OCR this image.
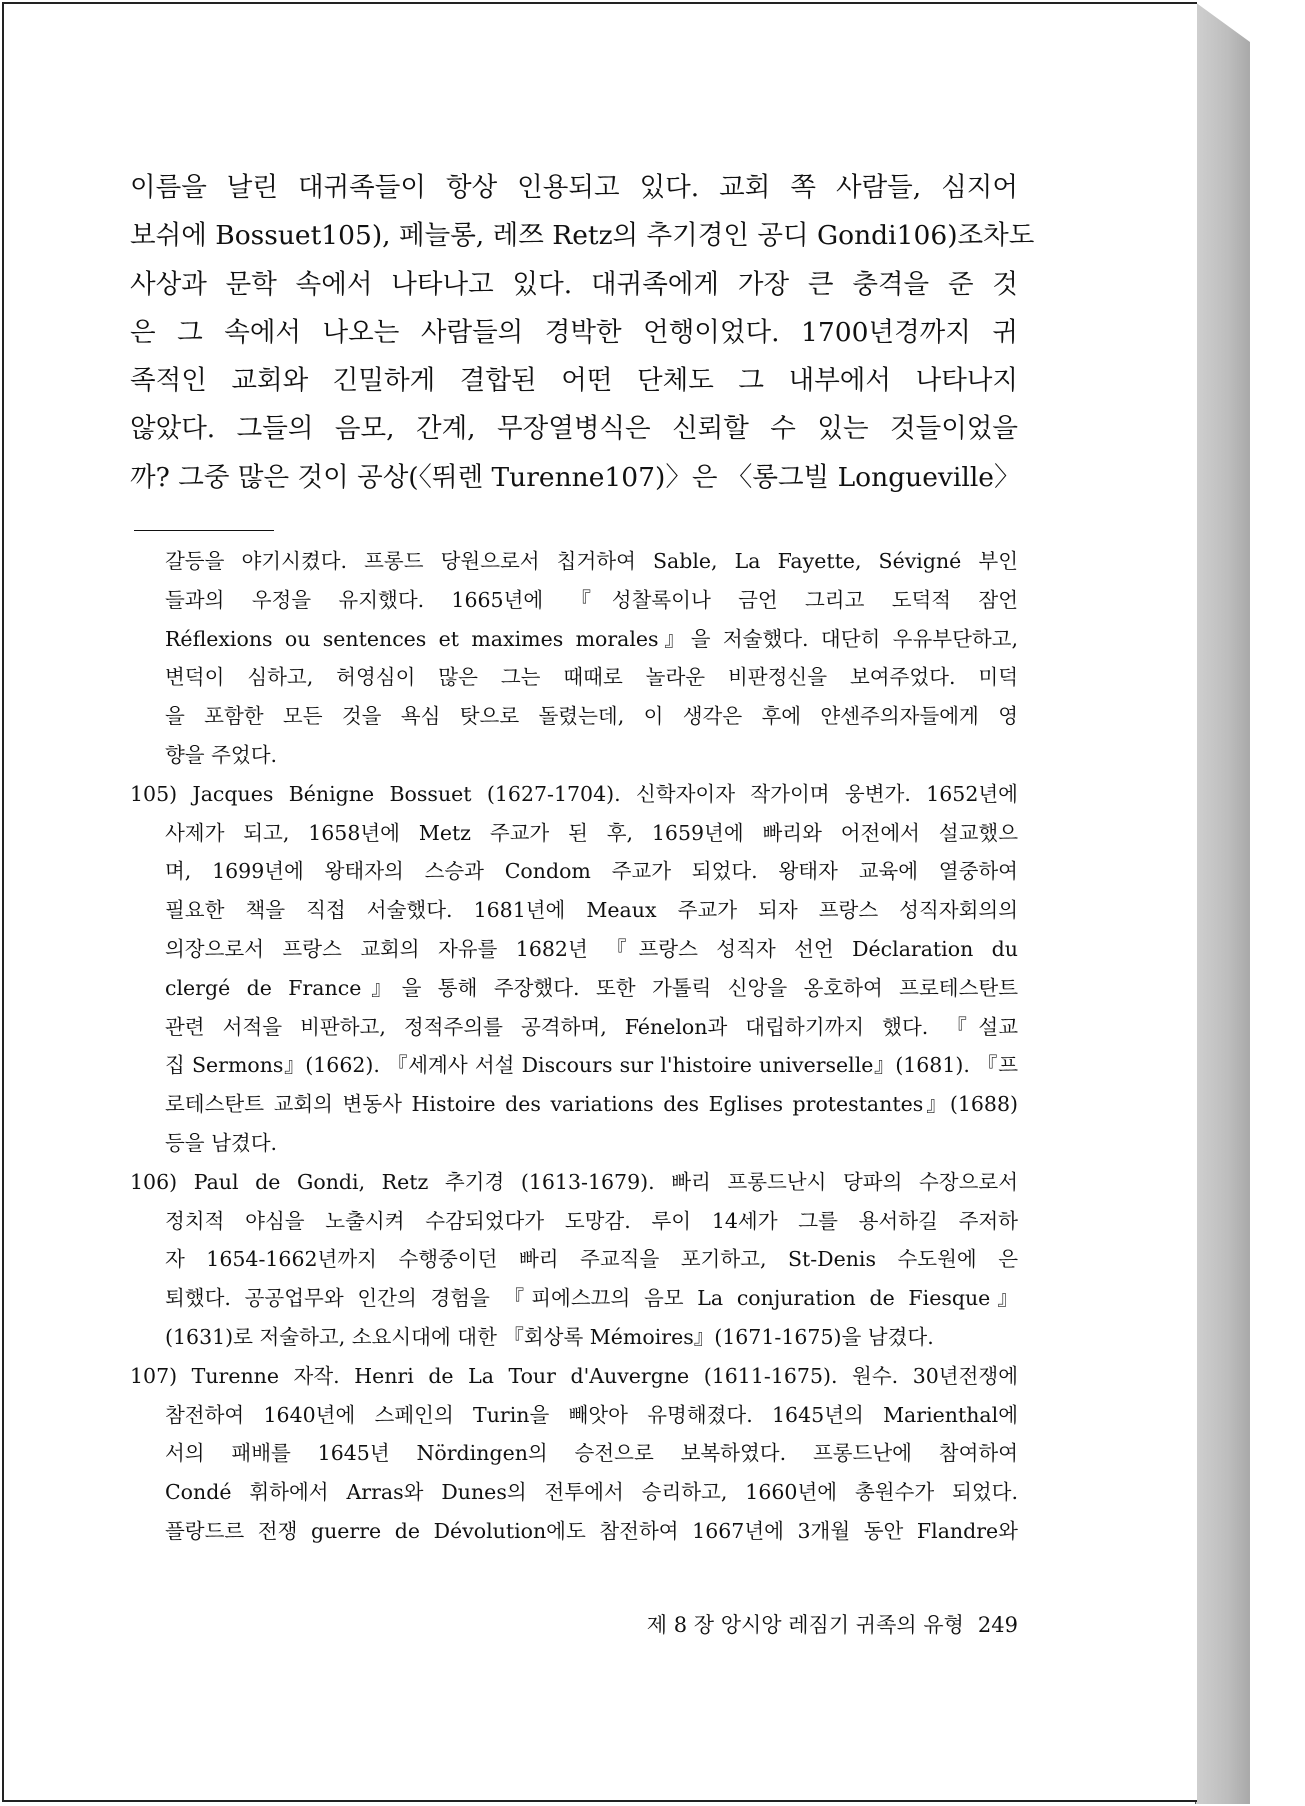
이름을 날린 대귀족들이 항상 인용되고 있다. 교회 쪽 사람들, 심지어
보쉬에 Bossuet105), 페늘롱, 레쯔 Retz의 추기경인 공디 Gondi106)조차도
사상과 문학 속에서 나타나고 있다. 대귀족에게 가장 큰 충격을 준 것
은 그 속에서 나오는 사람들의 경박한 언행이었다. 1700년경까지 귀
족적인 교회와 긴밀하게 결합된 어떤 단체도 그 내부에서 나타나지
않았다. 그들의 음모, 간계, 무장열병식은 신뢰할 수 있는 것들이었을
까? 그중 많은 것이 공상(〈뛰렌 Turenne107)〉은 〈롱그빌 Longueville〉
갈등을 야기시켰다. 프롱드 당원으로서 칩거하여 Sable, La Fayette, Sévigné 부인
들과의 우정을 유지했다. 1665년에 『성찰록이나 금언 그리고 도덕적 잠언
Réflexions ou sentences et maximes morales』을 저술했다. 대단히 우유부단하고,
변덕이 심하고, 허영심이 많은 그는 때때로 놀라운 비판정신을 보여주었다. 미덕
을 포함한 모든 것을 욕심 탓으로 돌렸는데, 이 생각은 후에 얀센주의자들에게 영
향을 주었다.
105) Jacques Bénigne Bossuet (1627-1704). 신학자이자 작가이며 웅변가. 1652년에
사제가 되고, 1658년에 Metz 주교가 된 후, 1659년에 빠리와 어전에서 설교했으
며, 1699년에 왕태자의 스승과 Condom 주교가 되었다. 왕태자 교육에 열중하여
필요한 책을 직접 서술했다. 1681년에 Meaux 주교가 되자 프랑스 성직자회의의
의장으로서 프랑스 교회의 자유를 1682년 『프랑스 성직자 선언 Déclaration du
clergé de France』을 통해 주장했다. 또한 가톨릭 신앙을 옹호하여 프로테스탄트
관련 서적을 비판하고, 정적주의를 공격하며, Fénelon과 대립하기까지 했다. 『설교
집 Sermons』(1662). 『세계사 서설 Discours sur l'histoire universelle』(1681). 『프
로테스탄트 교회의 변동사 Histoire des variations des Eglises protestantes』(1688)
등을 남겼다.
106) Paul de Gondi, Retz 추기경 (1613-1679). 빠리 프롱드난시 당파의 수장으로서
정치적 야심을 노출시켜 수감되었다가 도망감. 루이 14세가 그를 용서하길 주저하
자 1654-1662년까지 수행중이던 빠리 주교직을 포기하고, St-Denis 수도원에 은
퇴했다. 공공업무와 인간의 경험을 『피에스끄의 음모 La conjuration de Fiesque』
(1631)로 저술하고, 소요시대에 대한 『회상록 Mémoires』(1671-1675)을 남겼다.
107) Turenne 자작. Henri de La Tour d'Auvergne (1611-1675). 원수. 30년전쟁에
참전하여 1640년에 스페인의 Turin을 빼앗아 유명해졌다. 1645년의 Marienthal에
서의 패배를 1645년 Nördingen의 승전으로 보복하였다. 프롱드난에 참여하여
Condé 휘하에서 Arras와 Dunes의 전투에서 승리하고, 1660년에 총원수가 되었다.
플랑드르 전쟁 guerre de Dévolution에도 참전하여 1667년에 3개월 동안 Flandre와
제 8 장 앙시앙 레짐기 귀족의 유형 249
